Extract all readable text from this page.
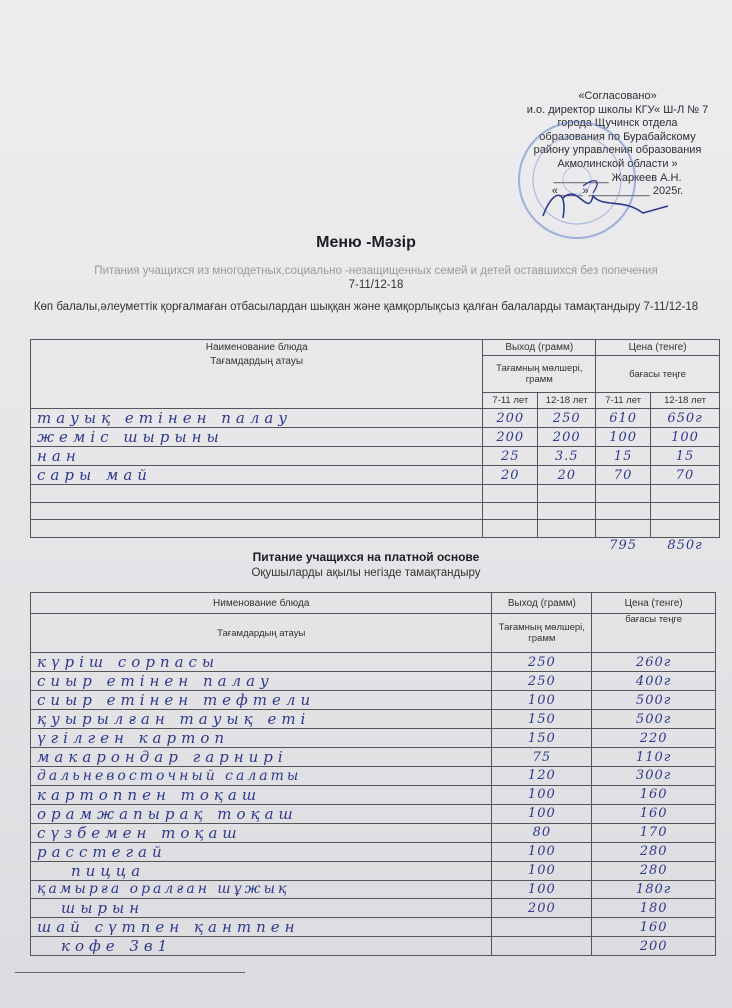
«Согласовано»
и.о. директор школы КГУ« Ш-Л № 7
города Щучинск отдела
образования по Бурабайскому
району управления образования
Акмолинской области »
_________ Жаркеев А.Н.
«____»__________ 2025г.
Меню -Мәзір
Питания учащихся из многодетных,социально -незащищенных семей и детей оставшихся без попечения
7-11/12-18
Көп балалы,әлеуметтік қорғалмаған отбасылардан шыққан және қамқорлықсыз қалған балаларды тамақтандыру 7-11/12-18
Наименование блюда	Выход (грамм)		Цена (тенге)	
Тағамдардың атауы	Тағамның мөлшері, грамм		бағасы теңге	
	7-11 лет	12-18 лет	7-11 лет	12-18 лет
тауық етінен палау	200	250	610	650г
жеміс шырыны	200	200	100	100
нан	25	3.5	15	15
сары май	20	20	70	70

			795	850г
Питание учащихся на платной основе
Оқушыларды ақылы негізде тамақтандыру
Нименование блюда	Выход (грамм)	Цена (тенге)
Тағамдардың атауы	Тағамның мөлшері, грамм	бағасы теңге
күріш сорпасы	250	260г
сиыр етінен палау	250	400г
сиыр етінен тефтели	100	500г
қуырылған тауық еті	150	500г
үгілген картоп	150	220
макарондар гарнирі	75	110г
дальневосточный салаты	120	300г
картоппен тоқаш	100	160
орамжапырақ тоқаш	100	160
сүзбемен тоқаш	80	170
расстегай	100	280
пицца	100	280
қамырға оралған шұжық	100	180г
шырын	200	180
шай сүтпен қантпен		160
кофе 3в1		200
